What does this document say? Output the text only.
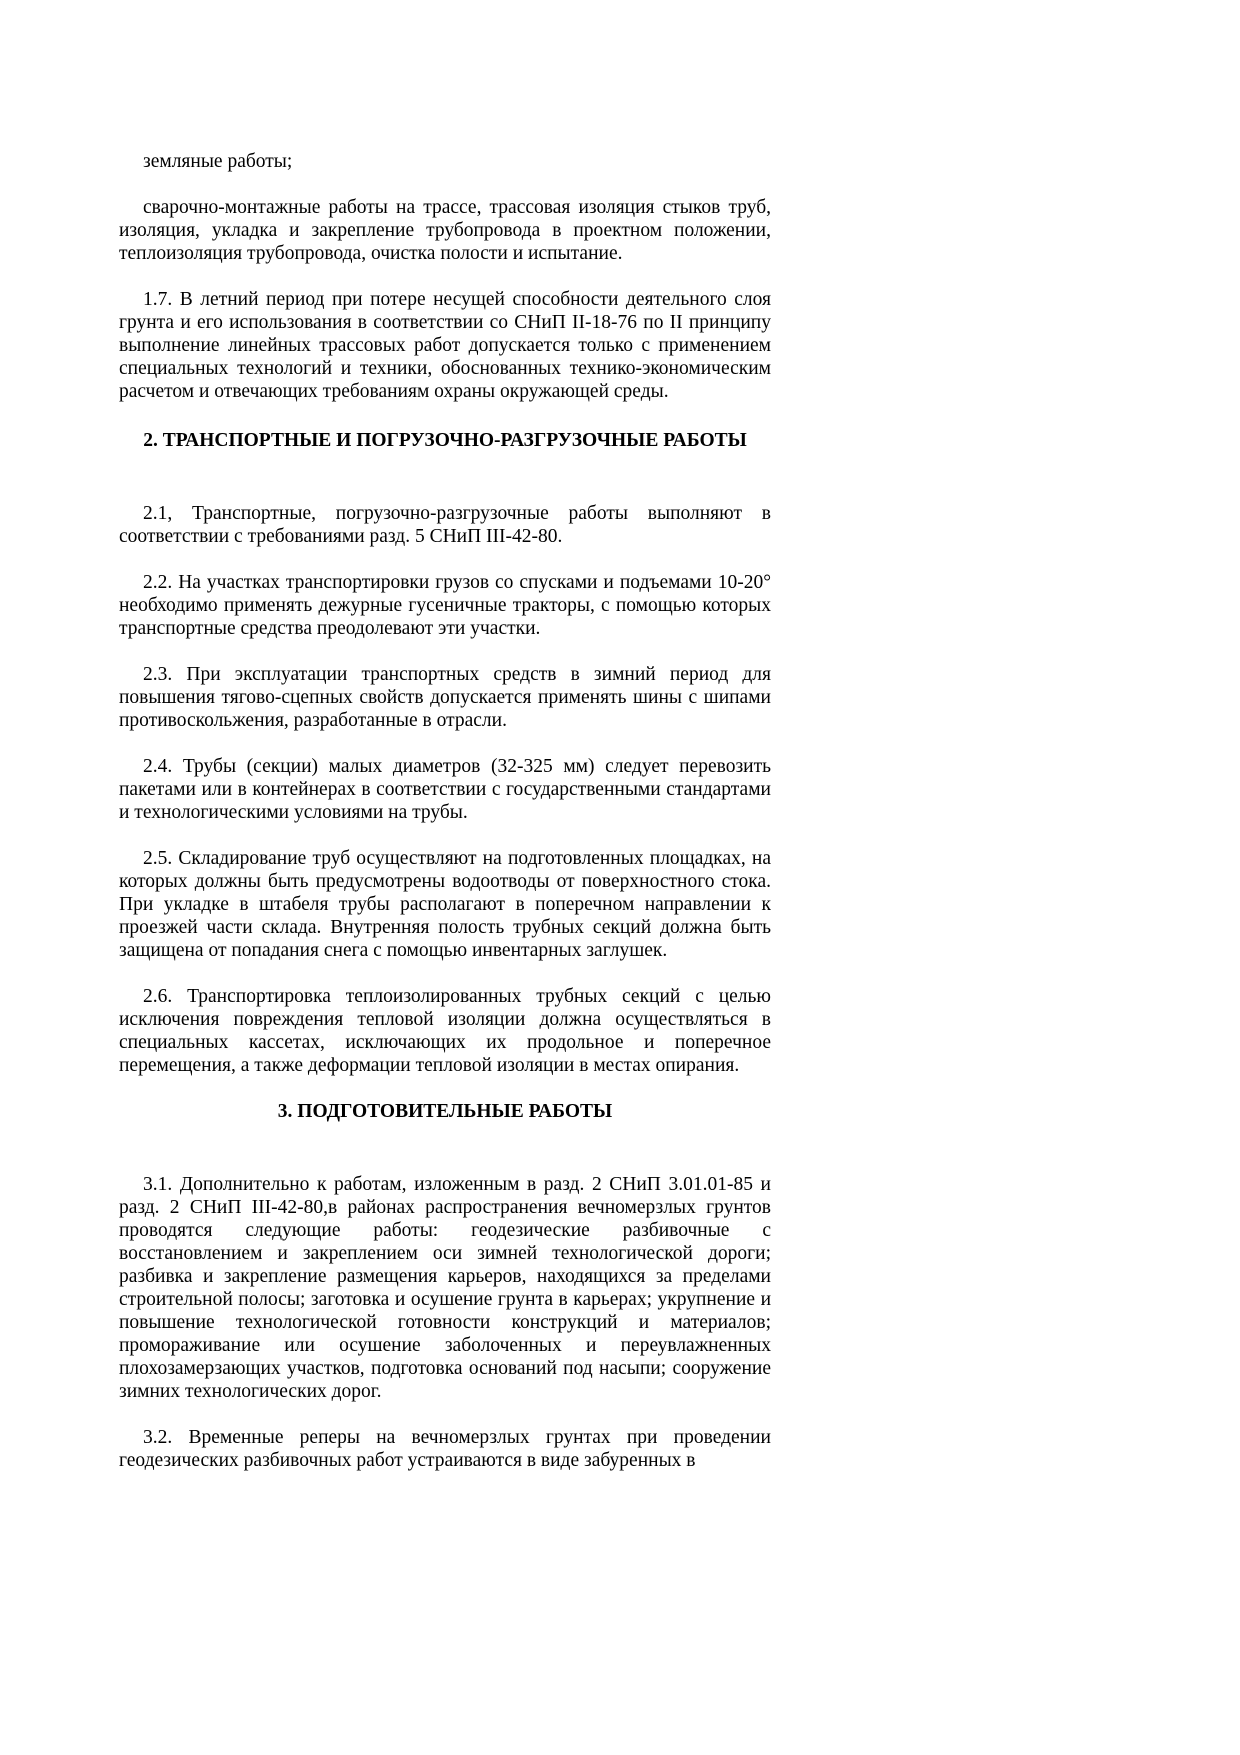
земляные работы;

сварочно-монтажные работы на трассе, трассовая изоляция стыков труб, изоляция, укладка и закрепление трубопровода в проектном положении, теплоизоляция трубопровода, очистка полости и испытание.

1.7. В летний период при потере несущей способности деятельного слоя грунта и его использования в соответствии со СНиП II-18-76 по II принципу выполнение линейных трассовых работ допускается только с применением специальных технологий и техники, обоснованных технико-экономическим расчетом и отвечающих требованиям охраны окружающей среды.

2. ТРАНСПОРТНЫЕ И ПОГРУЗОЧНО-РАЗГРУЗОЧНЫЕ РАБОТЫ

2.1, Транспортные, погрузочно-разгрузочные работы выполняют в соответствии с требованиями разд. 5 СНиП III-42-80.

2.2. На участках транспортировки грузов со спусками и подъемами 10-20° необходимо применять дежурные гусеничные тракторы, с помощью которых транспортные средства преодолевают эти участки.

2.3. При эксплуатации транспортных средств в зимний период для повышения тягово-сцепных свойств допускается применять шины с шипами противоскольжения, разработанные в отрасли.

2.4. Трубы (секции) малых диаметров (32-325 мм) следует перевозить пакетами или в контейнерах в соответствии с государственными стандартами и технологическими условиями на трубы.

2.5. Складирование труб осуществляют на подготовленных площадках, на которых должны быть предусмотрены водоотводы от поверхностного стока. При укладке в штабеля трубы располагают в поперечном направлении к проезжей части склада. Внутренняя полость трубных секций должна быть защищена от попадания снега с помощью инвентарных заглушек.

2.6. Транспортировка теплоизолированных трубных секций с целью исключения повреждения тепловой изоляции должна осуществляться в специальных кассетах, исключающих их продольное и поперечное перемещения, а также деформации тепловой изоляции в местах опирания.

3. ПОДГОТОВИТЕЛЬНЫЕ РАБОТЫ

3.1. Дополнительно к работам, изложенным в разд. 2 СНиП 3.01.01-85 и разд. 2 СНиП III-42-80,в районах распространения вечномерзлых грунтов проводятся следующие работы: геодезические разбивочные с восстановлением и закреплением оси зимней технологической дороги; разбивка и закрепление размещения карьеров, находящихся за пределами строительной полосы; заготовка и осушение грунта в карьерах; укрупнение и повышение технологической готовности конструкций и материалов; промораживание или осушение заболоченных и переувлажненных плохозамерзающих участков, подготовка оснований под насыпи; сооружение зимних технологических дорог.

3.2. Временные реперы на вечномерзлых грунтах при проведении геодезических разбивочных работ устраиваются в виде забуренных в
